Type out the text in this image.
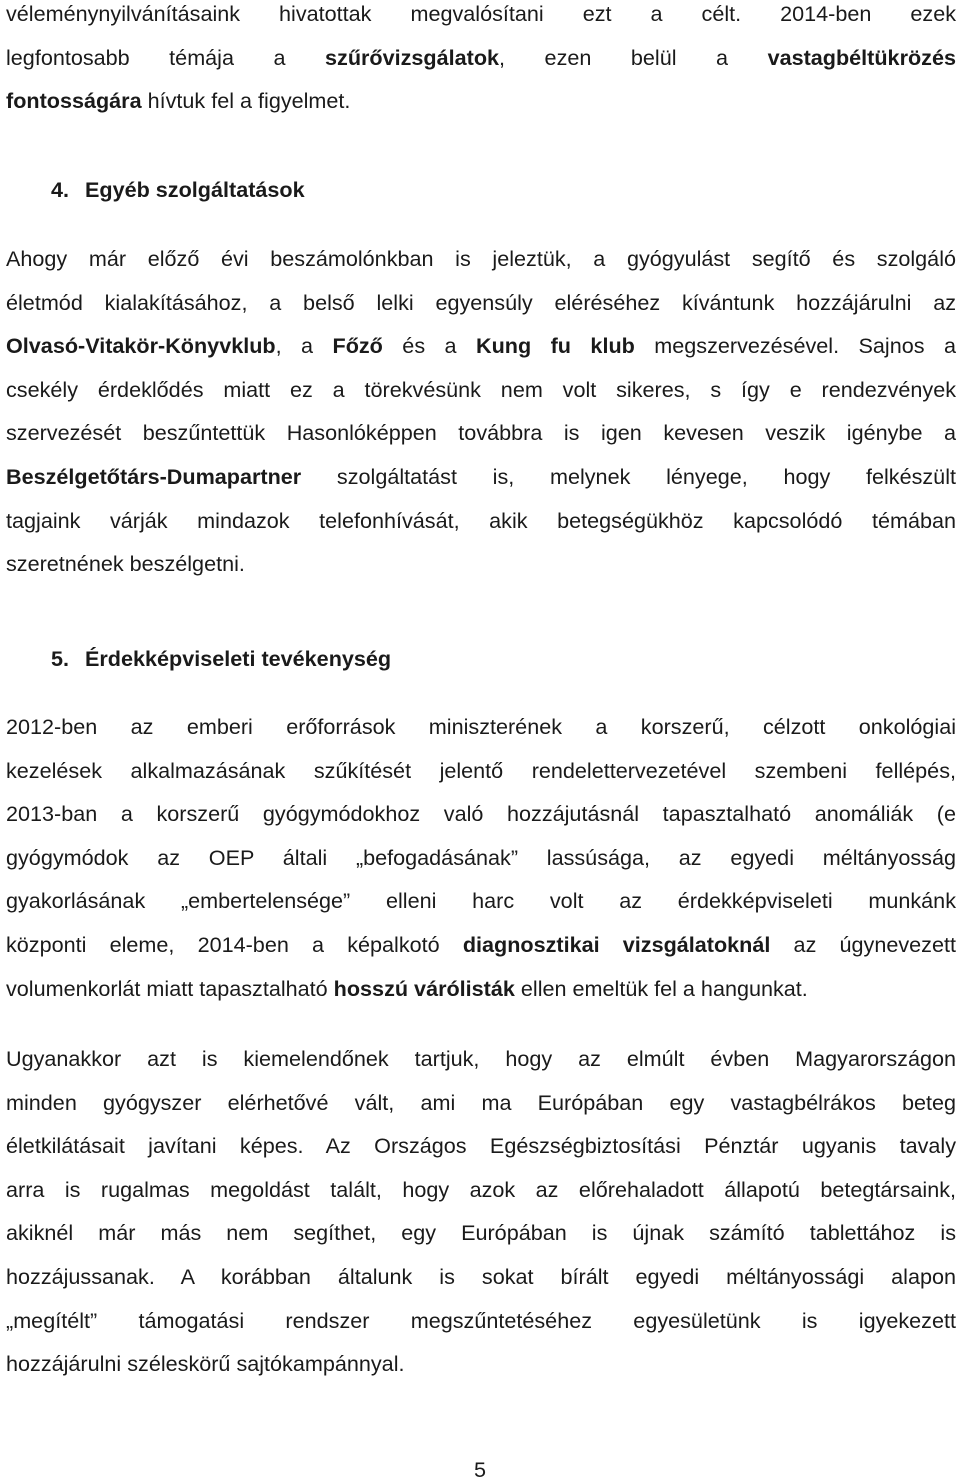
véleménynyilvánításaink hivatottak megvalósítani ezt a célt. 2014-ben ezek
legfontosabb témája a szűrővizsgálatok, ezen belül a vastagbéltükrözés
fontosságára hívtuk fel a figyelmet.
4. Egyéb szolgáltatások
Ahogy már előző évi beszámolónkban is jeleztük, a gyógyulást segítő és szolgáló
életmód kialakításához, a belső lelki egyensúly eléréséhez kívántunk hozzájárulni az
Olvasó-Vitakör-Könyvklub, a Főző és a Kung fu klub megszervezésével. Sajnos a
csekély érdeklődés miatt ez a törekvésünk nem volt sikeres, s így e rendezvények
szervezését beszűntettük Hasonlóképpen továbbra is igen kevesen veszik igénybe a
Beszélgetőtárs-Dumapartner szolgáltatást is, melynek lényege, hogy felkészült
tagjaink várják mindazok telefonhívását, akik betegségükhöz kapcsolódó témában
szeretnének beszélgetni.
5. Érdekképviseleti tevékenység
2012-ben az emberi erőforrások miniszterének a korszerű, célzott onkológiai
kezelések alkalmazásának szűkítését jelentő rendelettervezetével szembeni fellépés,
2013-ban a korszerű gyógymódokhoz való hozzájutásnál tapasztalható anomáliák (e
gyógymódok az OEP általi „befogadásának” lassúsága, az egyedi méltányosság
gyakorlásának „embertelensége” elleni harc volt az érdekképviseleti munkánk
központi eleme, 2014-ben a képalkotó diagnosztikai vizsgálatoknál az úgynevezett
volumenkorlát miatt tapasztalható hosszú várólisták ellen emeltük fel a hangunkat.
Ugyanakkor azt is kiemelendőnek tartjuk, hogy az elmúlt évben Magyarországon
minden gyógyszer elérhetővé vált, ami ma Európában egy vastagbélrákos beteg
életkilátásait javítani képes. Az Országos Egészségbiztosítási Pénztár ugyanis tavaly
arra is rugalmas megoldást talált, hogy azok az előrehaladott állapotú betegtársaink,
akiknél már más nem segíthet, egy Európában is újnak számító tablettához is
hozzájussanak. A korábban általunk is sokat bírált egyedi méltányossági alapon
„megítélt” támogatási rendszer megszűntetéséhez egyesületünk is igyekezett
hozzájárulni széleskörű sajtókampánnyal.
5
